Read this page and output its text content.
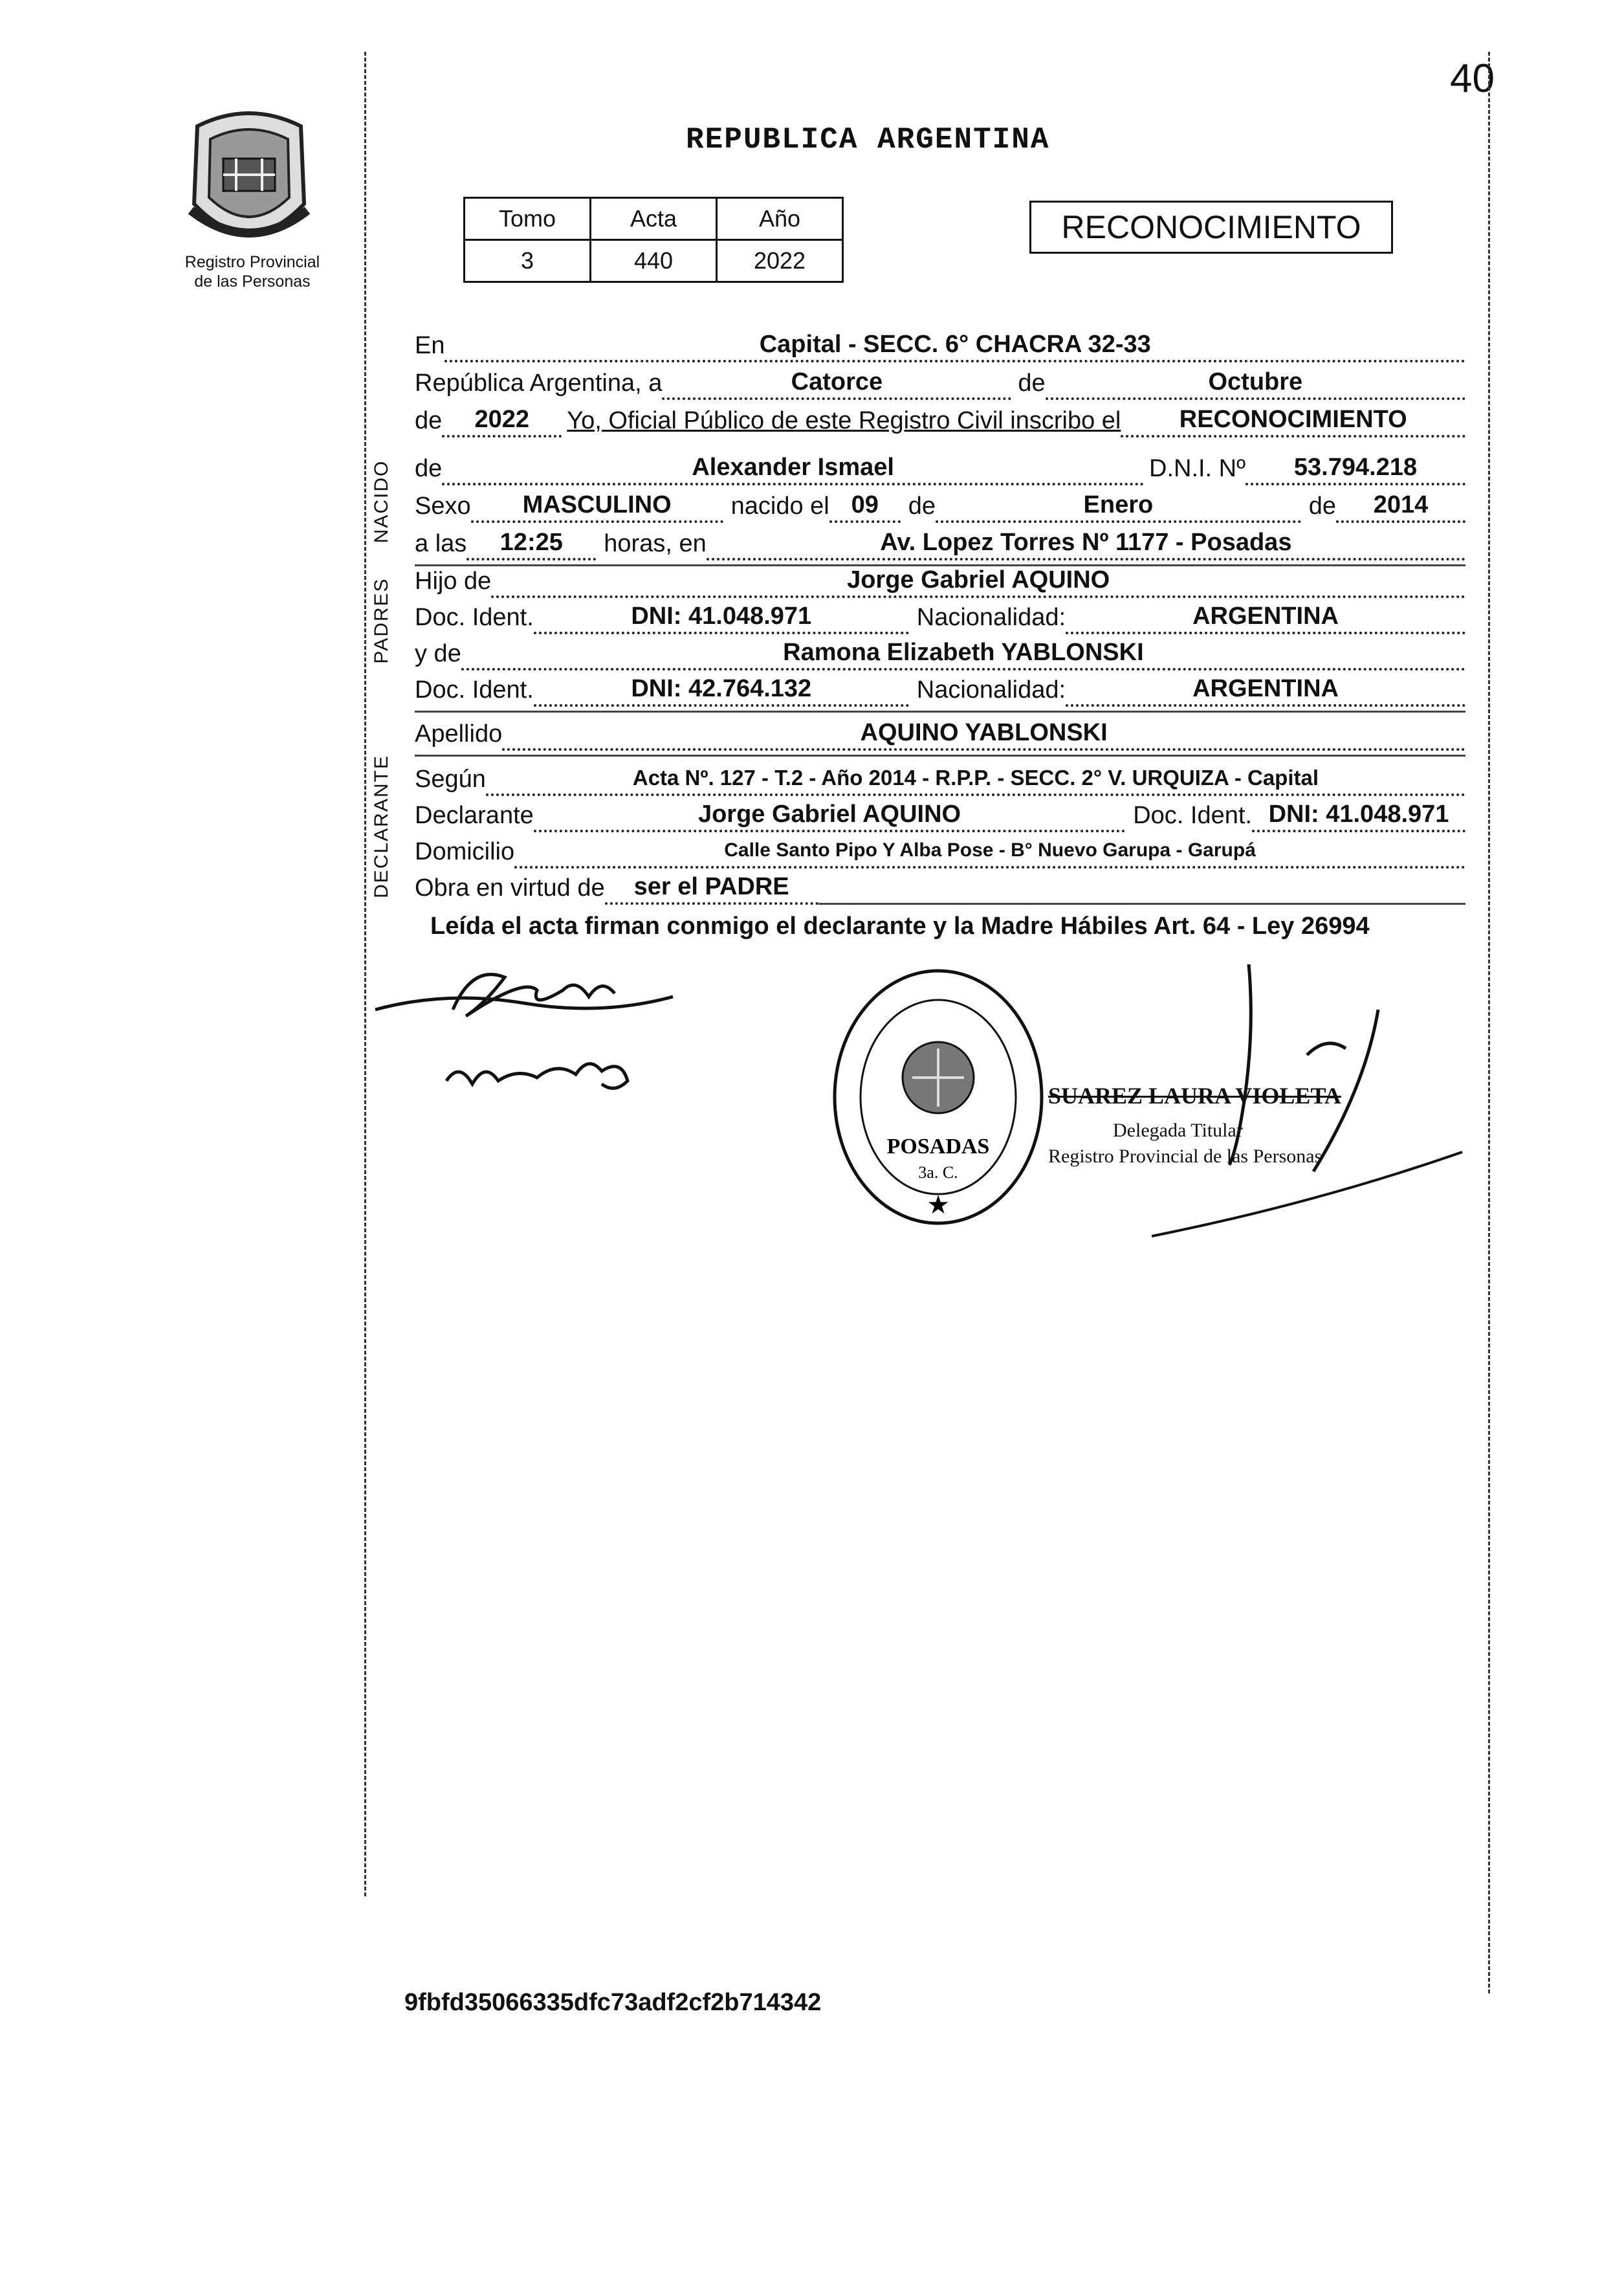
40
Registro Provincial
de las Personas
REPUBLICA ARGENTINA
Tomo	Acta	Año
3	440	2022
RECONOCIMIENTO
En	Capital - SECC. 6° CHACRA 32-33
República Argentina, a	Catorce	de	Octubre
de	2022	Yo, Oficial Público de este Registro Civil inscribo el	RECONOCIMIENTO
NACIDO de	Alexander Ismael	D.N.I. Nº	53.794.218
Sexo	MASCULINO	nacido el 09	de	Enero	de	2014
a las	12:25	horas, en	Av. Lopez Torres Nº 1177 - Posadas
PADRES Hijo de	Jorge Gabriel AQUINO
Doc. Ident.	DNI: 41.048.971	Nacionalidad:	ARGENTINA
y de	Ramona Elizabeth YABLONSKI
Doc. Ident.	DNI: 42.764.132	Nacionalidad:	ARGENTINA
Apellido	AQUINO YABLONSKI
DECLARANTE Según	Acta Nº. 127 - T.2 - Año 2014 - R.P.P. - SECC. 2° V. URQUIZA - Capital
Declarante	Jorge Gabriel AQUINO	Doc. Ident. DNI: 41.048.971
Domicilio	Calle Santo Pipo Y Alba Pose - B° Nuevo Garupa - Garupá
Obra en virtud de	ser el PADRE
Leída el acta firman conmigo el declarante y la Madre Hábiles Art. 64 - Ley 26994
POSADAS
3a. C.
★
SUAREZ LAURA VIOLETA
Delegada Titular
Registro Provincial de las Personas
9fbfd35066335dfc73adf2cf2b714342
